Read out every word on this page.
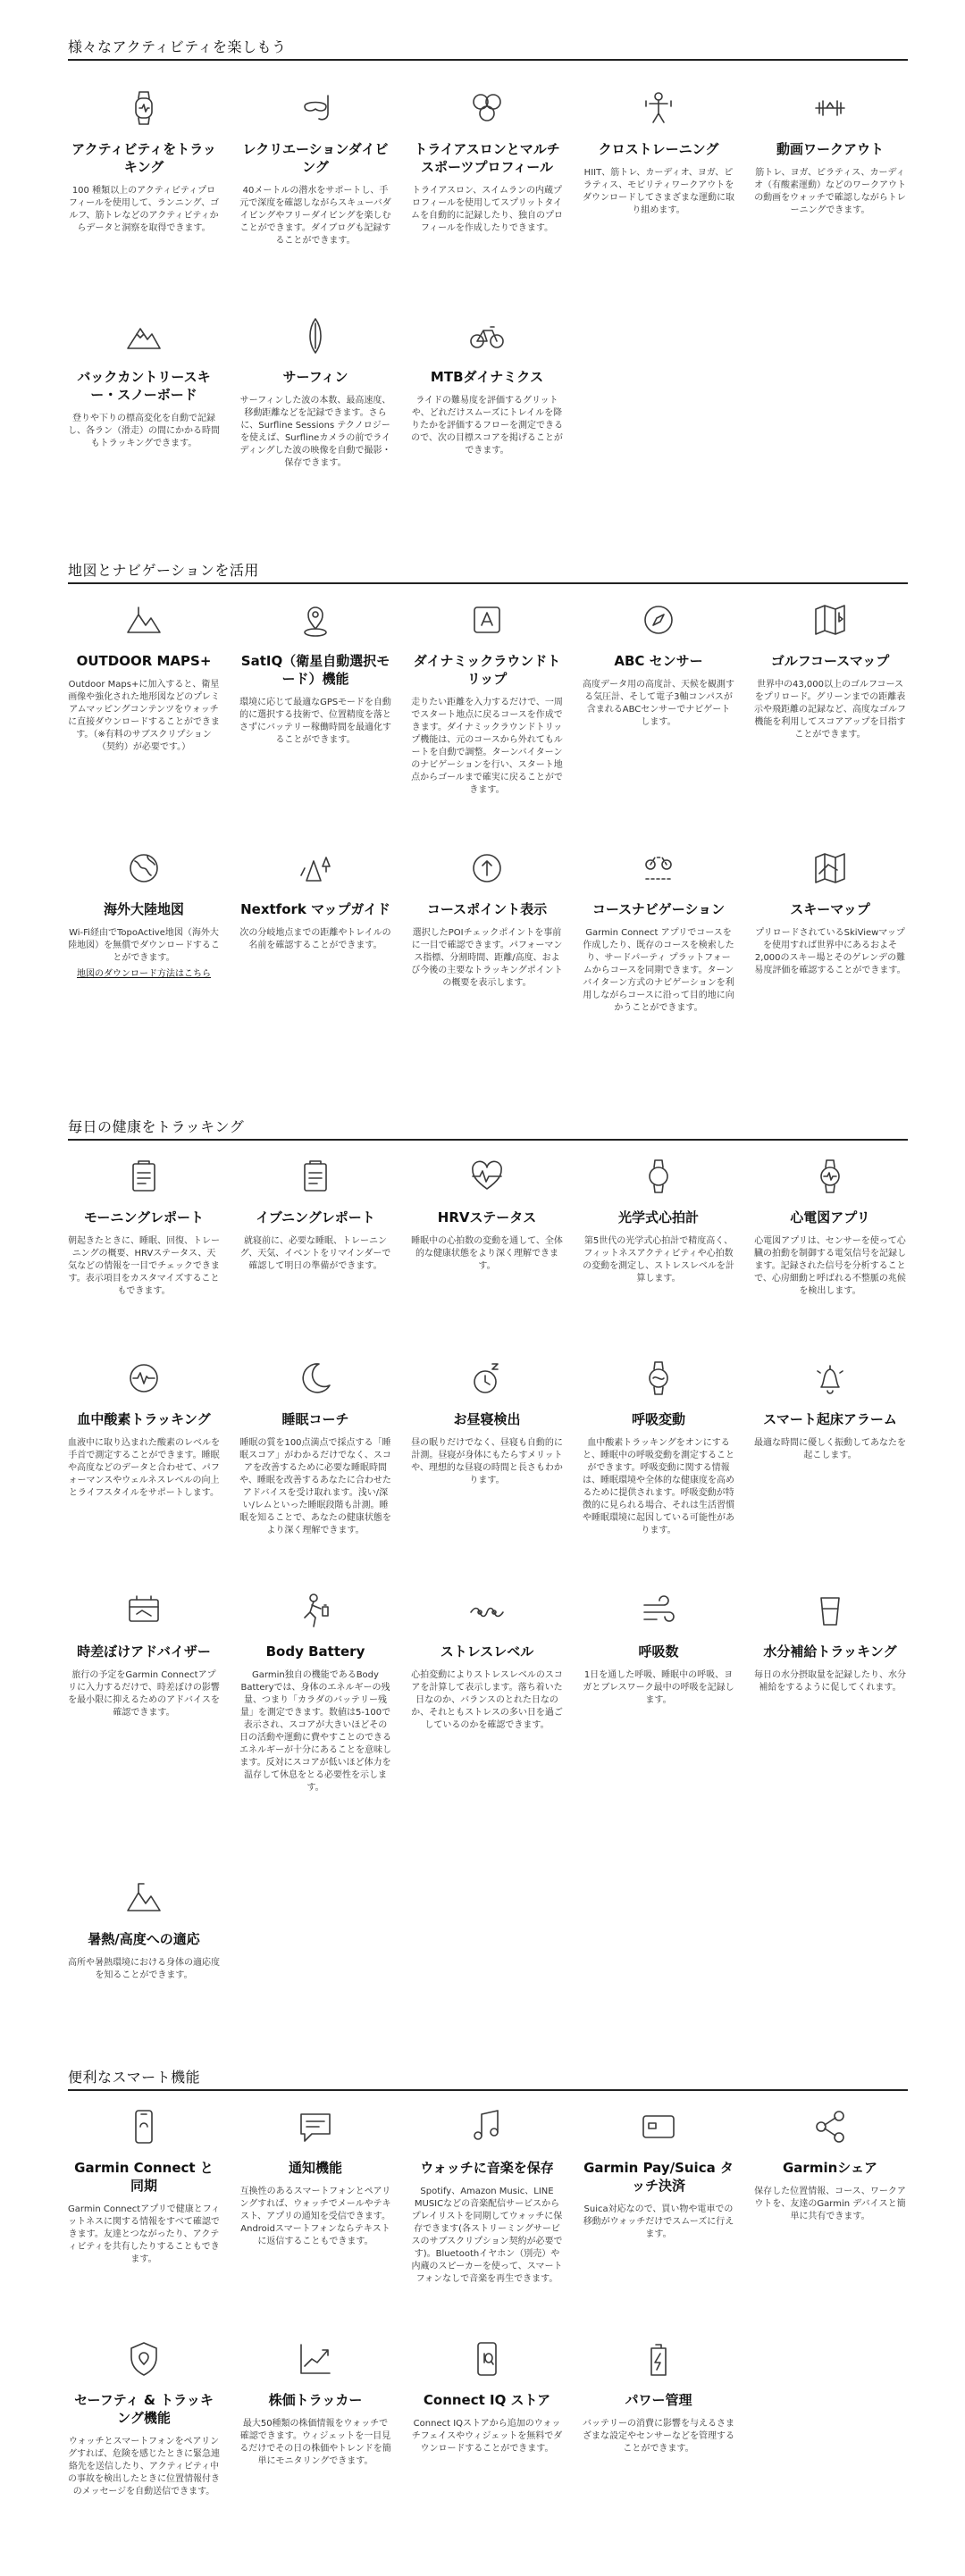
様々なアクティビティを楽しもう
アクティビティをトラッキング
100 種類以上のアクティビティプロフィールを使用して、ランニング、ゴルフ、筋トレなどのアクティビティからデータと洞察を取得できます。
レクリエーションダイビング
40メートルの潜水をサポートし、手元で深度を確認しながらスキューバダイビングやフリーダイビングを楽しむことができます。ダイブログも記録することができます。
トライアスロンとマルチスポーツプロフィール
トライアスロン、スイムランの内蔵プロフィールを使用してスプリットタイムを自動的に記録したり、独自のプロフィールを作成したりできます。
クロストレーニング
HIIT、筋トレ、カーディオ、ヨガ、ピラティス、モビリティワークアウトをダウンロードしてさまざまな運動に取り組めます。
動画ワークアウト
筋トレ、ヨガ、ピラティス、カーディオ（有酸素運動）などのワークアウトの動画をウォッチで確認しながらトレーニングできます。
バックカントリースキー・スノーボード
登りや下りの標高変化を自動で記録し、各ラン（滑走）の間にかかる時間もトラッキングできます。
サーフィン
サーフィンした波の本数、最高速度、移動距離などを記録できます。さらに、Surfline Sessions テクノロジーを使えば、Surflineカメラの前でライディングした波の映像を自動で撮影・保存できます。
MTBダイナミクス
ライドの難易度を評価するグリットや、どれだけスムーズにトレイルを降りたかを評価するフローを測定できるので、次の目標スコアを掲げることができます。
地図とナビゲーションを活用
OUTDOOR MAPS+
Outdoor Maps+に加入すると、衛星画像や強化された地形図などのプレミアムマッピングコンテンツをウォッチに直接ダウンロードすることができます。（※有料のサブスクリプション（契約）が必要です。）
SatIQ（衛星自動選択モード）機能
環境に応じて最適なGPSモードを自動的に選択する技術で、位置精度を落とさずにバッテリー稼働時間を最適化することができます。
ダイナミックラウンドトリップ
走りたい距離を入力するだけで、一周でスタート地点に戻るコースを作成できます。ダイナミックラウンドトリップ機能は、元のコースから外れてもルートを自動で調整。ターンバイターンのナビゲーションを行い、スタート地点からゴールまで確実に戻ることができます。
ABC センサー
高度データ用の高度計、天候を観測する気圧計、そして電子3軸コンパスが含まれるABCセンサーでナビゲートします。
ゴルフコースマップ
世界中の43,000以上のゴルフコースをプリロード。グリーンまでの距離表示や飛距離の記録など、高度なゴルフ機能を利用してスコアアップを目指すことができます。
海外大陸地図
Wi-Fi経由でTopoActive地図（海外大陸地図）を無償でダウンロードすることができます。
地図のダウンロード方法はこちら
Nextfork マップガイド
次の分岐地点までの距離やトレイルの名前を確認することができます。
コースポイント表示
選択したPOIチェックポイントを事前に一目で確認できます。パフォーマンス指標、分割時間、距離/高度、および今後の主要なトラッキングポイントの概要を表示します。
コースナビゲーション
Garmin Connect アプリでコースを作成したり、既存のコースを検索したり、サードパーティ プラットフォームからコースを同期できます。ターンバイターン方式のナビゲーションを利用しながらコースに沿って目的地に向かうことができます。
スキーマップ
プリロードされているSkiViewマップを使用すれば世界中にあるおよそ2,000のスキー場とそのゲレンデの難易度評価を確認することができます。
毎日の健康をトラッキング
モーニングレポート
朝起きたときに、睡眠、回復、トレーニングの概要、HRVステータス、天気などの情報を一目でチェックできます。表示項目をカスタマイズすることもできます。
イブニングレポート
就寝前に、必要な睡眠、トレーニング、天気、イベントをリマインダーで確認して明日の準備ができます。
HRVステータス
睡眠中の心拍数の変動を通して、全体的な健康状態をより深く理解できます。
光学式心拍計
第5世代の光学式心拍計で精度高く、フィットネスアクティビティや心拍数の変動を測定し、ストレスレベルを計算します。
心電図アプリ
心電図アプリは、センサーを使って心臓の拍動を制御する電気信号を記録します。記録された信号を分析することで、心房細動と呼ばれる不整脈の兆候を検出します。
血中酸素トラッキング
血液中に取り込まれた酸素のレベルを手首で測定することができます。睡眠や高度などのデータと合わせて、パフォーマンスやウェルネスレベルの向上とライフスタイルをサポートします。
睡眠コーチ
睡眠の質を100点満点で採点する「睡眠スコア」がわかるだけでなく、スコアを改善するために必要な睡眠時間や、睡眠を改善するあなたに合わせたアドバイスを受け取れます。浅い/深い/レムといった睡眠段階も計測。睡眠を知ることで、あなたの健康状態をより深く理解できます。
お昼寝検出
昼の眠りだけでなく、昼寝も自動的に計測。昼寝が身体にもたらすメリットや、理想的な昼寝の時間と長さもわかります。
呼吸変動
血中酸素トラッキングをオンにすると、睡眠中の呼吸変動を測定することができます。呼吸変動に関する情報は、睡眠環境や全体的な健康度を高めるために提供されます。呼吸変動が特徴的に見られる場合、それは生活習慣や睡眠環境に起因している可能性があります。
スマート起床アラーム
最適な時間に優しく振動してあなたを起こします。
時差ぼけアドバイザー
旅行の予定をGarmin Connectアプリに入力するだけで、時差ぼけの影響を最小限に抑えるためのアドバイスを確認できます。
Body Battery
Garmin独自の機能であるBody Batteryでは、身体のエネルギーの残量、つまり「カラダのバッテリー残量」を測定できます。数値は5-100で表示され、スコアが大きいほどその日の活動や運動に費やすことのできるエネルギーが十分にあることを意味します。反対にスコアが低いほど体力を温存して休息をとる必要性を示します。
ストレスレベル
心拍変動によりストレスレベルのスコアを計算して表示します。落ち着いた日なのか、バランスのとれた日なのか、それともストレスの多い日を過ごしているのかを確認できます。
呼吸数
1日を通した呼吸、睡眠中の呼吸、ヨガとブレスワーク最中の呼吸を記録します。
水分補給トラッキング
毎日の水分摂取量を記録したり、水分補給をするように促してくれます。
暑熱/高度への適応
高所や暑熱環境における身体の適応度を知ることができます。
便利なスマート機能
Garmin Connect と同期
Garmin Connectアプリで健康とフィットネスに関する情報をすべて確認できます。友達とつながったり、アクティビティを共有したりすることもできます。
通知機能
互換性のあるスマートフォンとペアリングすれば、ウォッチでメールやテキスト、アプリの通知を受信できます。Androidスマートフォンならテキストに返信することもできます。
ウォッチに音楽を保存
Spotify、Amazon Music、LINE MUSICなどの音楽配信サービスからプレイリストを同期してウォッチに保存できます(各ストリーミングサービスのサブスクリプション契約が必要です)。Bluetoothイヤホン（別売）や内蔵のスピーカーを使って、スマートフォンなしで音楽を再生できます。
Garmin Pay/Suica タッチ決済
Suica対応なので、買い物や電車での移動がウォッチだけでスムーズに行えます。
Garminシェア
保存した位置情報、コース、ワークアウトを、友達のGarmin デバイスと簡単に共有できます。
セーフティ & トラッキング機能
ウォッチとスマートフォンをペアリングすれば、危険を感じたときに緊急連絡先を送信したり、アクティビティ中の事故を検出したときに位置情報付きのメッセージを自動送信できます。
株価トラッカー
最大50種類の株価情報をウォッチで確認できます。ウィジェットを一目見るだけでその日の株価やトレンドを簡単にモニタリングできます。
Connect IQ ストア
Connect IQストアから追加のウォッチフェイスやウィジェットを無料でダウンロードすることができます。
パワー管理
バッテリーの消費に影響を与えるさまざまな設定やセンサーなどを管理することができます。
